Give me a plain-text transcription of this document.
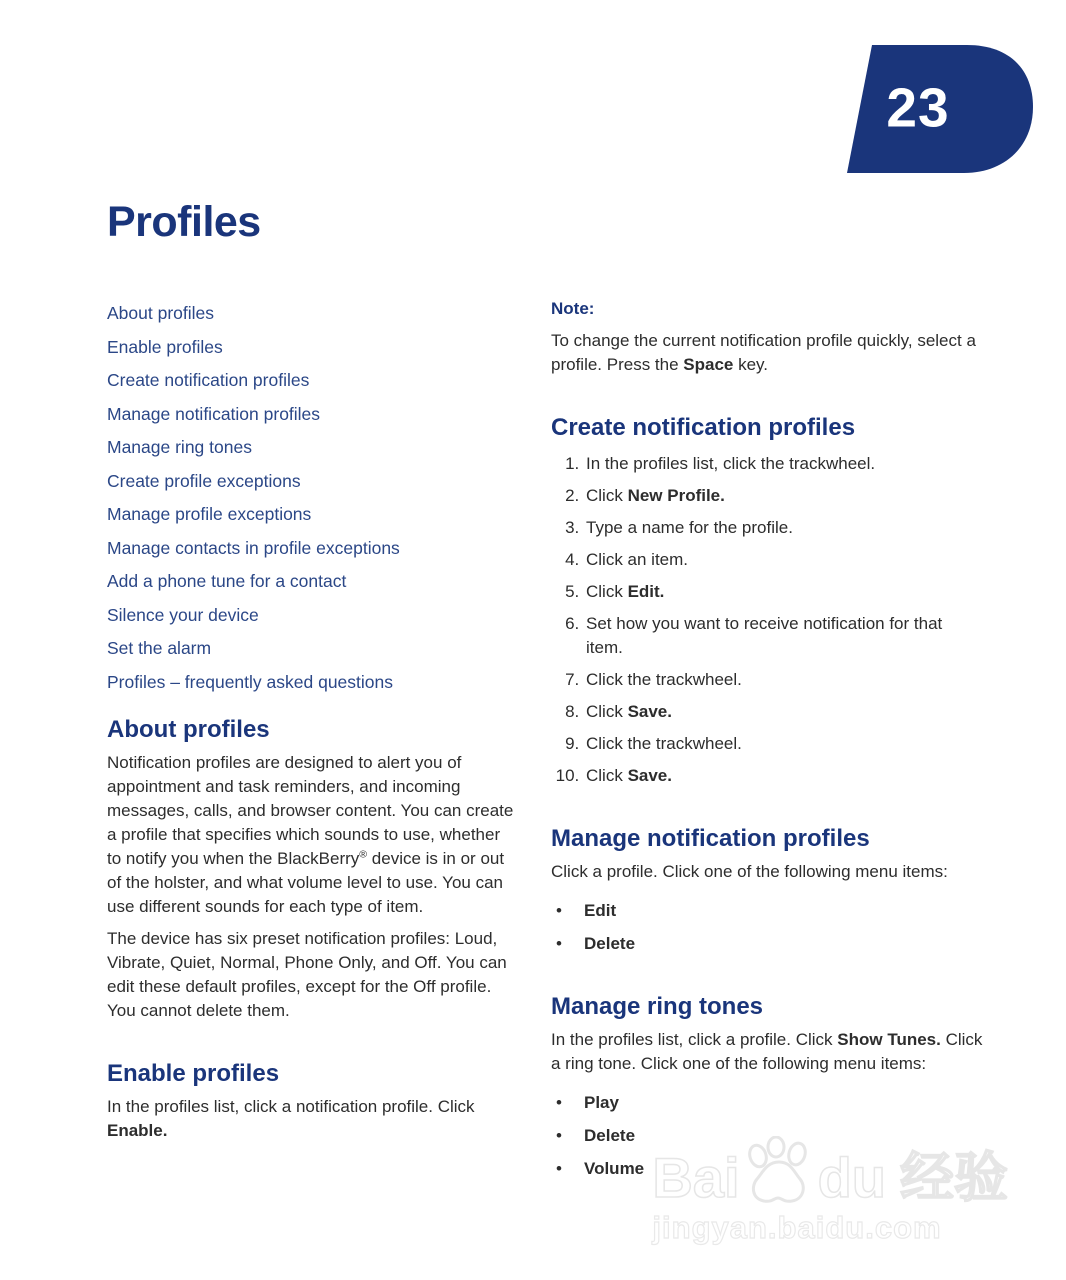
23
Profiles
About profiles
Enable profiles
Create notification profiles
Manage notification profiles
Manage ring tones
Create profile exceptions
Manage profile exceptions
Manage contacts in profile exceptions
Add a phone tune for a contact
Silence your device
Set the alarm
Profiles – frequently asked questions
About profiles

Notification profiles are designed to alert you of appointment and task reminders, and incoming messages, calls, and browser content. You can create a profile that specifies which sounds to use, whether to notify you when the BlackBerry® device is in or out of the holster, and what volume level to use. You can use different sounds for each type of item.

The device has six preset notification profiles: Loud, Vibrate, Quiet, Normal, Phone Only, and Off. You can edit these default profiles, except for the Off profile. You cannot delete them.

Enable profiles

In the profiles list, click a notification profile. Click Enable.

Note:

To change the current notification profile quickly, select a profile. Press the Space key.

Create notification profiles
1. In the profiles list, click the trackwheel.
2. Click New Profile.
3. Type a name for the profile.
4. Click an item.
5. Click Edit.
6. Set how you want to receive notification for that item.
7. Click the trackwheel.
8. Click Save.
9. Click the trackwheel.
10. Click Save.
Manage notification profiles

Click a profile. Click one of the following menu items:

• Edit
• Delete
Manage ring tones

In the profiles list, click a profile. Click Show Tunes. Click a ring tone. Click one of the following menu items:

• Play
• Delete
• Volume Bai du 经验
jingyan.baidu.com
